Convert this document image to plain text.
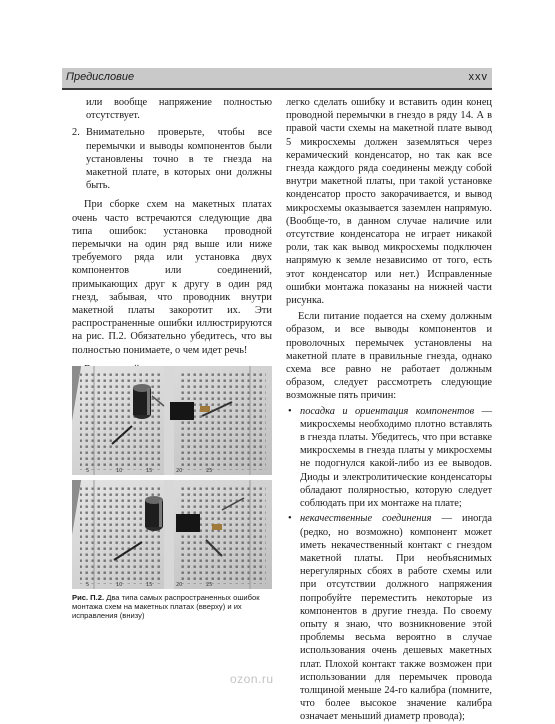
Предисловие	xxv

или вообще напряжение полностью отсутствует.

2. Внимательно проверьте, чтобы все перемычки и выводы компонентов были установлены точно в те гнезда на макетной плате, в которых они должны быть.

При сборке схем на макетных платах очень часто встречаются следующие два типа ошибок: установка проводной перемычки на один ряд выше или ниже требуемого ряда или установка двух компонентов или соединений, примыкающих друг к другу в один ряд гнезд, забывая, что проводник внутри макетной платы закоротит их. Эти распространенные ошибки иллюстрируются на рис. П.2. Обязательно убедитесь, что вы полностью понимаете, о чем идет речь!

5	10	15	20	25
5	10	15	20	25
Рис. П.2. Два типа самых распространенных ошибок монтажа схем на макетных платах (вверху) и их исправления (внизу)

легко сделать ошибку и вставить один конец проводной перемычки в гнездо в ряду 14. А в правой части схемы на макетной плате вывод 5 микросхемы должен заземляться через керамический конденсатор, но так как все гнезда каждого ряда соединены между собой внутри макетной платы, при такой установке конденсатор просто закорачивается, и вывод микросхемы оказывается заземлен напрямую. (Вообще-то, в данном случае наличие или отсутствие конденсатора не играет никакой роли, так как вывод микросхемы подключен напрямую к земле независимо от того, есть этот конденсатор или нет.) Исправленные ошибки монтажа показаны на нижней части рисунка.

Если питание подается на схему должным образом, и все выводы компонентов и проволочных перемычек установлены на макетной плате в правильные гнезда, однако схема все равно не работает должным образом, следует рассмотреть следующие возможные пять причин:

• посадка и ориентация компонентов — микросхемы необходимо плотно вставлять в гнезда платы. Убедитесь, что при вставке микросхемы в гнезда платы у микросхемы не подогнулся какой-либо из ее выводов. Диоды и электролитические конденсаторы обладают полярностью, которую следует соблюдать при их монтаже на плате;
• некачественные соединения — иногда (редко, но возможно) компонент может иметь некачественный контакт с гнездом макетной платы. При необъяснимых нерегулярных сбоях в работе схемы или при отсутствии должного напряжения попробуйте переместить некоторые из компонентов в другие гнезда. По своему опыту я знаю, что возникновение этой проблемы весьма вероятно в случае использования очень дешевых макетных плат. Плохой контакт также возможен при использовании для перемычек провода толщиной меньше 24-го калибра (помните, что более высокое значение калибра означает меньший диаметр провода);
ozon.ru
